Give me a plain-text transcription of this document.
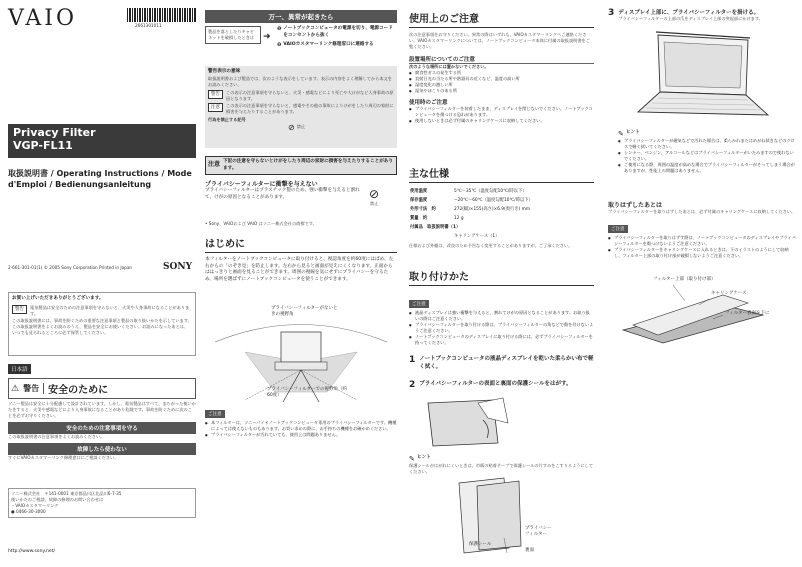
VAIO
Privacy Filter
VGP-FL11
取扱説明書 / Operating Instructions / Mode d'Emploi / Bedienungsanleitung
2-661-301-01(1) © 2005 Sony Corporation Printed in Japan	SONY
お買い上げいただきありがとうございます。
警告	電気製品は安全のための注意事項を守らないと、火災や人身事故になることがあります。
この取扱説明書には、事故を防ぐための重要な注意事項と製品の取り扱いかたを示しています。この取扱説明書をよくお読みのうえ、製品を安全にお使いください。お読みになったあとは、いつでも見られるところに必ず保管してください。
日本語
⚠ 警告 安全のために
ソニー製品は安全に十分配慮して設計されています。しかし、電気製品はすべて、まちがった使いかたをすると、火災や感電などにより人身事故になることがあり危険です。事故を防ぐために次のことを必ずお守りください。
安全のための注意事項を守る
この取扱説明書の注意事項をよくお読みください。
故障したら使わない
すぐにVAIOカスタマーリンク修理窓口にご相談ください。
ソニー株式会社　〒141-0001 東京都品川区北品川6-7-35
使いかたのご相談、故障の修理のお問い合わせは
・VAIOカスタマーリンク
● 0466-30-3000
http://www.sony.net/
2661301011
万一、異常が起きたら
製品を落としたりキャビネットを破損したときは ➜
❶ ノートブックコンピュータの電源を切り、電源コードをコンセントから抜く
❷ VAIOカスタマーリンク修理窓口に連絡する
警告表示の意味
取扱説明書および製品では、次のような表示をしています。表示の内容をよく理解してから本文をお読みください。
警告	この表示の注意事項を守らないと、火災・感電などにより死亡や大けがなど人身事故の原因となります。
注意	この表示の注意事項を守らないと、感電やその他の事故によりけがをしたり周辺の家財に損害を与えたりすることがあります。
行為を禁止する記号
⊘ 禁止
注意 下記の注意を守らないとけがをしたり周辺の家財に損害を与えたりすることがあります。
プライバシーフィルターに衝撃を与えない
プライバシーフィルターはプラスチック製のため、強い衝撃を与えると割れて、けがの原因となることがあります。	⊘
禁止
• Sony、VAIOおよび VAIO はソニー株式会社の商標です。
はじめに
本フィルターをノートブックコンピュータに取り付けると、視認角度を約60度にはばめ、左右からの「のぞき見」を防止します。左右から見ると画面が見えにくくなります。正面からははっきりと画面を見ることができます。周囲の視線を気にせずにプライバシーを守るため、場所を選ばずにノートブックコンピュータを使うことができます。
プライバシーフィルターがないときの視野角
プライバシーフィルターでの視野角（約60度）
ご注意
● 本フィルターは、ソニーパイオノートブックコンピュータ専用のプライバシーフィルターです。機種によっては使えないものもあります。お買い求めの際に、お手持ちの機種をお確かめください。
● プライバシーフィルターが汚れていても、使用上は問題ありません。
使用上のご注意
次の注意事項をお守りください。異常の際はいずれも、VAIOカスタマーリンクへご連絡ください。VAIOカスタマーリンクについては、ノートブックコンピュータ本体に付属の取扱説明書をご覧ください。
設置場所についてのご注意
次のような場所には置かないでください。
● 腐食性ガスの発生する所
● 直射日光の当たる所や熱器具の近くなど、温度の高い所
● 湿度変化の激しい所
● 湿気やほこりのある所
使用時のご注意
● プライバシーフィルターを装着したまま、ディスプレイを閉じないでください。ノートブックコンピュータを傷つける恐れがあります。
● 使用しないときは必ず付属のキャリングケースに収納してください。
主な仕様
使用温度	5℃〜35℃（温度勾配10℃/時以下）
保存温度	−20℃〜60℃（温度勾配10℃/時以下）
外形寸法　約	272(幅)×155(高さ)×6.9(奥行き) mm
質量　約	12 g
付属品　取扱説明書（1）	
	キャリングケース（1）
仕様および外観は、改良のため予告なく変更することがありますが、ご了承ください。
取り付けかた
ご注意
● 液晶ディスプレイは強い衝撃を与えると、割れてけがの原因となることがあります。お取り扱いの際はご注意ください。
● プライバシーフィルターを取り付ける際は、プライバシーフィルターの角などで傷を付けないようご注意ください。
● ノートブックコンピュータのディスプレイに取り付ける際には、必ずプライバシーフィルターを持ってください。
1 ノートブックコンピュータの液晶ディスプレイを乾いた柔らかい布で軽く拭く。
2 プライバシーフィルターの表面と裏面の保護シールをはがす。
✎ ヒント
保護シールがはがれにくいときは、市販の粘着テープで保護シールの片すみをこすりるようにしてください。
保護シール
プライバシーフィルター
裏面
3 ディスプレイ上部に、プライバシーフィルターを掛ける。
プライバシーフィルターの上部の爪をディスプレイ上部の突起部にかけます。
✎ ヒント
● プライバシーフィルターが磁気などで汚れた場合は、柔らかれまたはめがね拭きなどのクロスで軽く拭いてください。
● シンナー、ベンジン、アルコールなどはプライバシーフィルターがいたみますので使わないでください。
● ご使用になる際、周囲の温度が高めな場合でプライバシーフィルターがそってしまう場合がありますが、性能上の問題はありません。
取りはずしたあとは
プライバシーフィルターを取りはずしたあとは、必ず付属のキャリングケースに収納してください。
ご注意
● プライバシーフィルターを取りはずす際は、ノートブックコンピュータのディスプレイやプライバシーフィルターを傷つけないようご注意ください。
● プライバシーフィルターをキャリングケースに入れるときは、下のイラストのようにして収納し、フィルター上部の取り付け部が破損しないようご注意ください。
フィルター上部（取り付け部）
キャリングケース
フィルター表面を下に
